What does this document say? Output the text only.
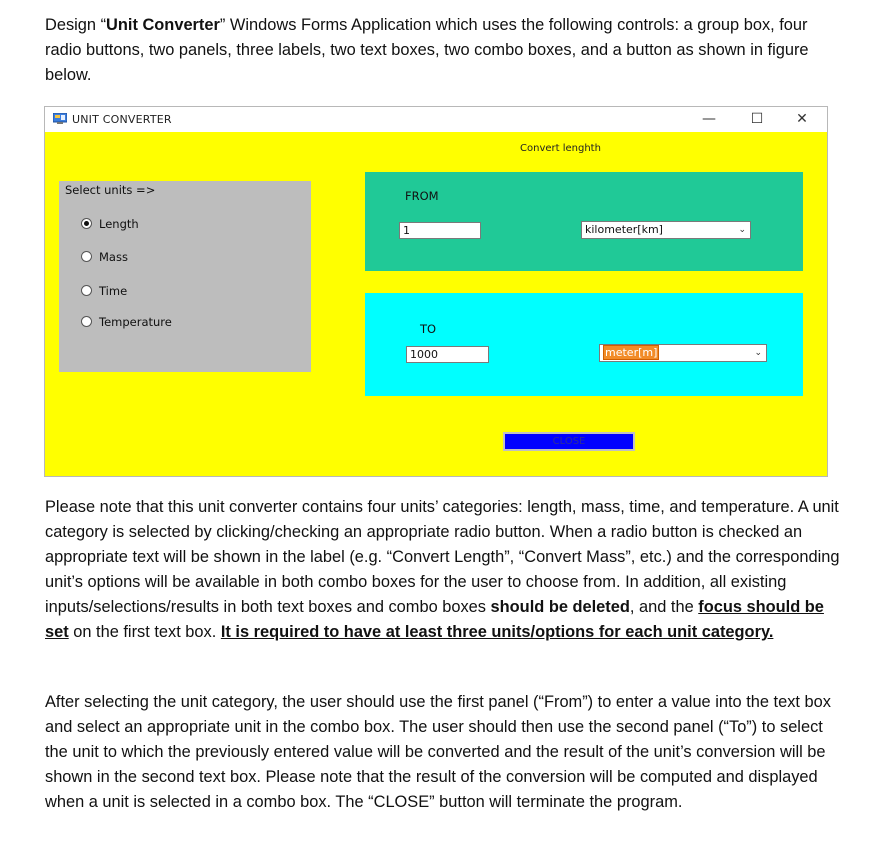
Design “Unit Converter” Windows Forms Application which uses the following controls: a group box, four radio buttons, two panels, three labels, two text boxes, two combo boxes, and a button as shown in figure below.
UNIT CONVERTER	—	☐	✕
Convert lenghth
Select units =>
Length
Mass
Time
Temperature
FROM
1	kilometer[km]	⌄
TO
1000	meter[m]	⌄
CLOSE
Please note that this unit converter contains four units’ categories: length, mass, time, and temperature. A unit category is selected by clicking/checking an appropriate radio button. When a radio button is checked an appropriate text will be shown in the label (e.g. “Convert Length”, “Convert Mass”, etc.) and the corresponding unit’s options will be available in both combo boxes for the user to choose from. In addition, all existing inputs/selections/results in both text boxes and combo boxes should be deleted, and the focus should be set on the first text box. It is required to have at least three units/options for each unit category.
After selecting the unit category, the user should use the first panel (“From”) to enter a value into the text box and select an appropriate unit in the combo box. The user should then use the second panel (“To”) to select the unit to which the previously entered value will be converted and the result of the unit’s conversion will be shown in the second text box. Please note that the result of the conversion will be computed and displayed when a unit is selected in a combo box. The “CLOSE” button will terminate the program.
